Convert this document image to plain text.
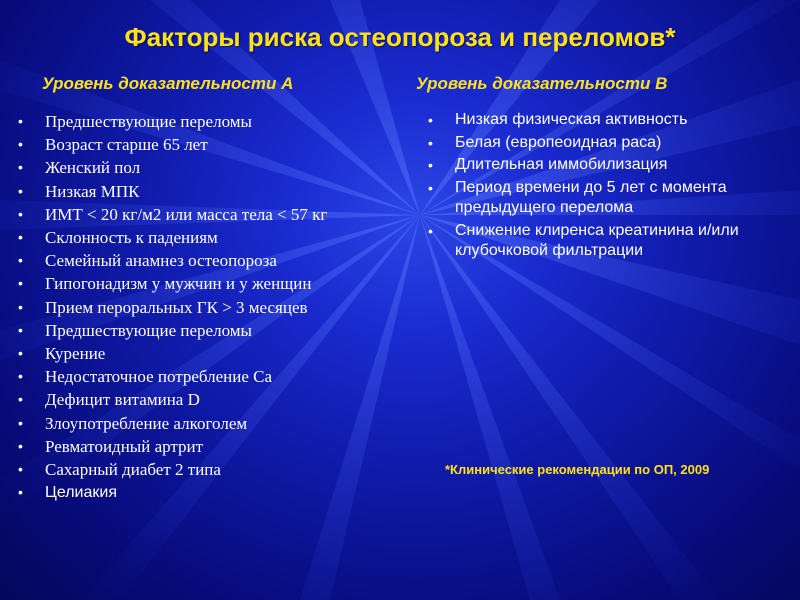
Факторы риска остеопороза и переломов*
Уровень доказательности А	Уровень доказательности В
• Предшествующие переломы
• Возраст старше 65 лет
• Женский пол
• Низкая МПК
• ИМТ < 20 кг/м2 или масса тела < 57 кг
• Склонность к падениям
• Семейный анамнез остеопороза
• Гипогонадизм у мужчин и у женщин
• Прием пероральных ГК > 3 месяцев
• Предшествующие переломы
• Курение
• Недостаточное потребление Са
• Дефицит витамина D
• Злоупотребление алкоголем
• Ревматоидный артрит
• Сахарный диабет 2 типа
• Целиакия
• Низкая физическая активность
• Белая (европеоидная раса)
• Длительная иммобилизация
• Период времени до 5 лет с момента предыдущего перелома
• Снижение клиренса креатинина и/или клубочковой фильтрации

*Клинические рекомендации по ОП, 2009
